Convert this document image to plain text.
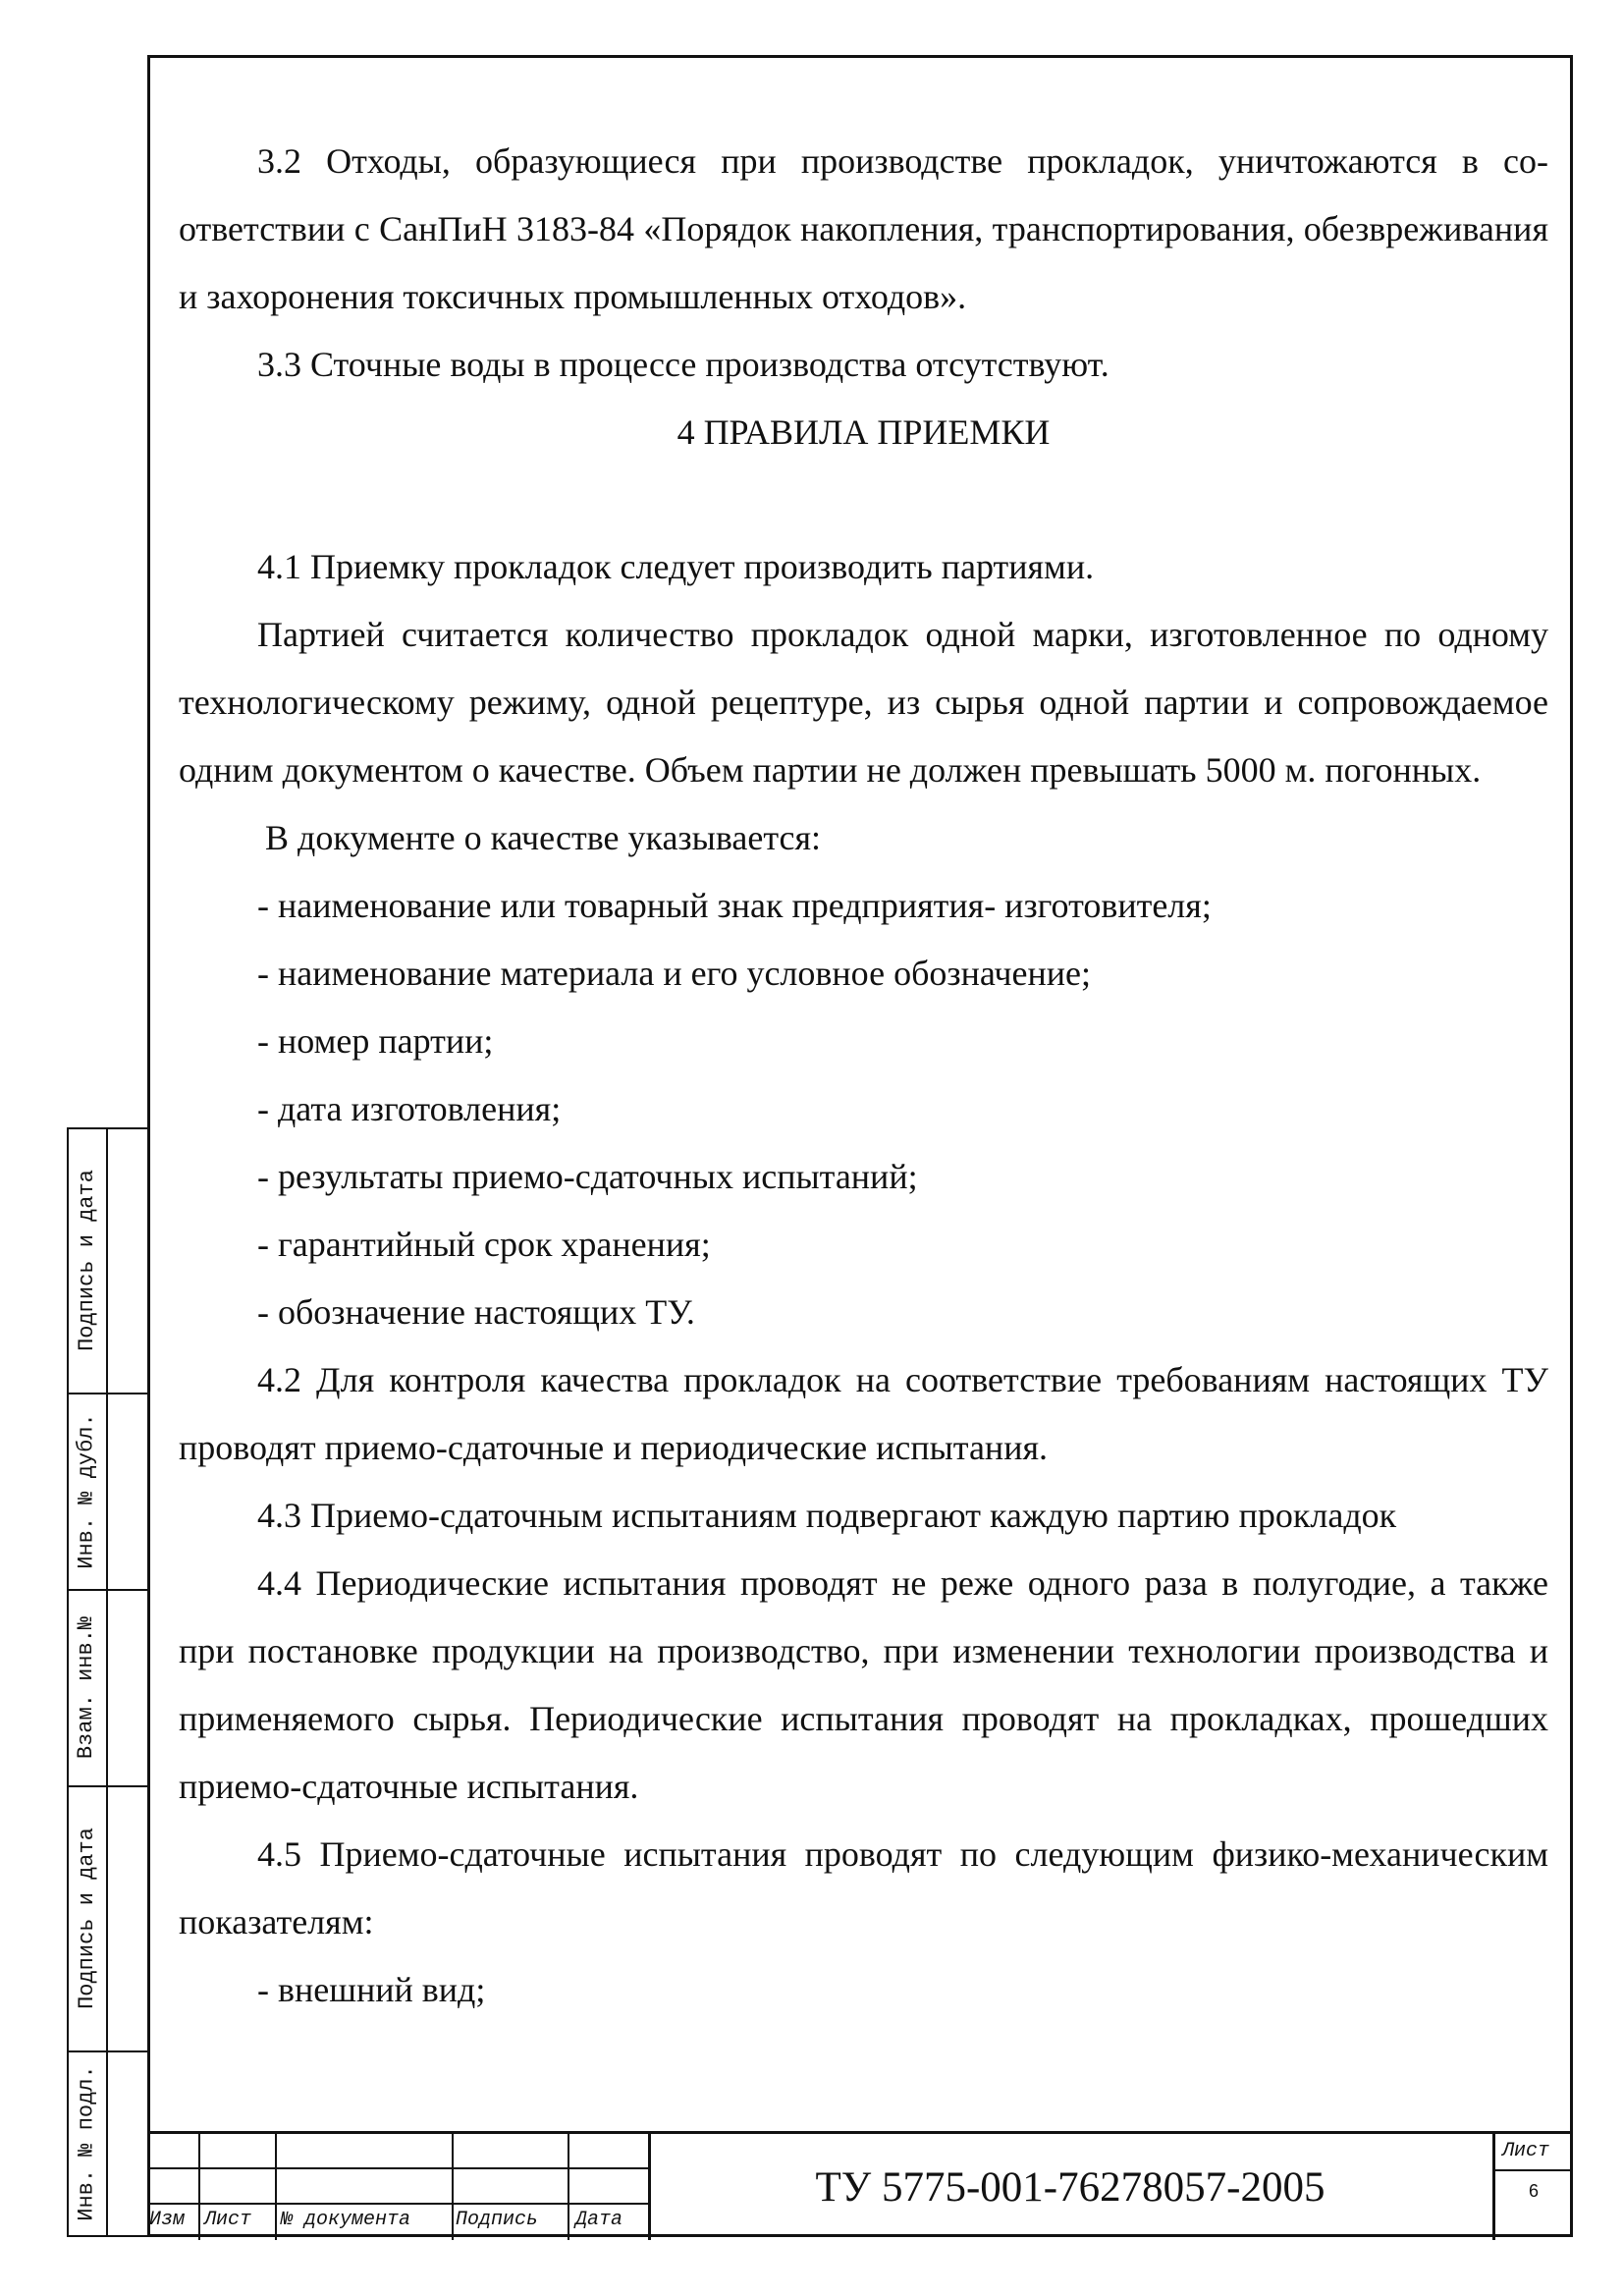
3.2 Отходы, образующиеся при производстве прокладок, уничтожаются в соответствии с СанПиН 3183-84 «Порядок накопления, транспортирования, обезвреживания и захоронения токсичных промышленных отходов».

3.3 Сточные воды в процессе производства отсутствуют.

4 ПРАВИЛА ПРИЕМКИ

4.1 Приемку прокладок следует производить партиями.

Партией считается количество прокладок одной марки, изготовленное по одному технологическому режиму, одной рецептуре, из сырья одной партии и сопровождаемое одним документом о качестве. Объем партии не должен превышать 5000 м. погонных.

В документе о качестве указывается:

- наименование или товарный знак предприятия- изготовителя;

- наименование материала и его условное обозначение;

- номер партии;

- дата изготовления;

- результаты приемо-сдаточных испытаний;

- гарантийный срок хранения;

- обозначение настоящих ТУ.

4.2 Для контроля качества прокладок на соответствие требованиям настоящих ТУ проводят приемо-сдаточные и периодические испытания.

4.3 Приемо-сдаточным испытаниям подвергают каждую партию прокладок

4.4 Периодические испытания проводят не реже одного раза в полугодие, а также при постановке продукции на производство, при изменении технологии производства и применяемого сырья. Периодические испытания проводят на прокладках, прошедших приемо-сдаточные испытания.

4.5 Приемо-сдаточные испытания проводят по следующим физико-механическим показателям:

- внешний вид;

Подпись и дата
Инв. № дубл.
Взам. инв.№
Подпись и дата
Инв. № подл.	Изм Лист № документа Подпись Дата
ТУ 5775-001-76278057-2005
Лист
6
